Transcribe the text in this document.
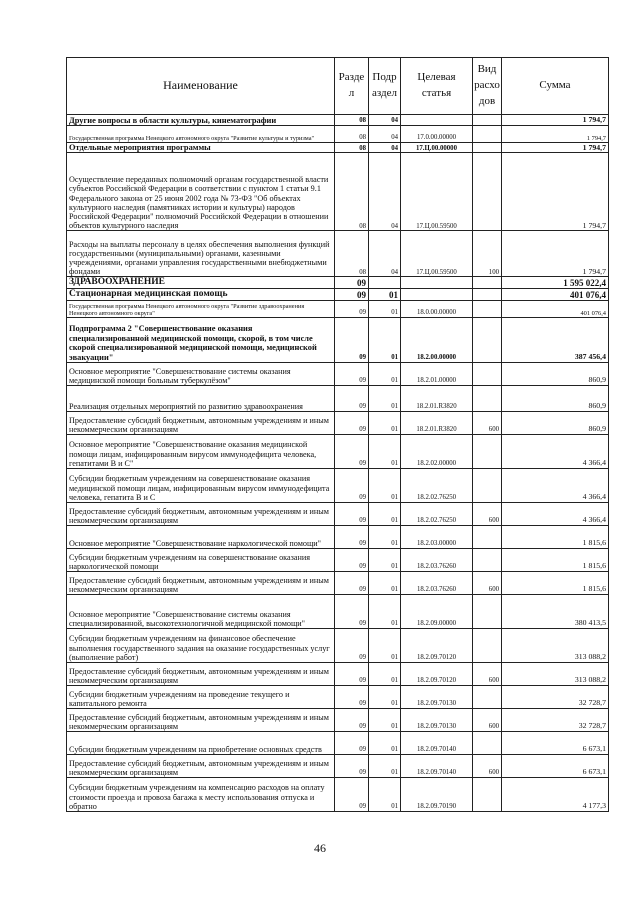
Наименование	Разде л	Подр аздел	Целевая статья	Вид расхо дов	Сумма
Другие вопросы в области культуры, кинематографии	08	04			1 794,7
Государственная программа Ненецкого автономного округа "Развитие культуры и туризма"	08	04	17.0.00.00000		1 794,7
Отдельные мероприятия программы	08	04	17.Ц.00.00000		1 794,7
Осуществление переданных полномочий органам государственной власти субъектов Российской Федерации в соответствии с пунктом 1 статьи 9.1 Федерального закона от 25 июня 2002 года № 73-ФЗ "Об объектах культурного наследия (памятниках истории и культуры) народов Российской Федерации" полномочий Российской Федерации в отношении объектов культурного наследия	08	04	17.Ц.00.59500		1 794,7
Расходы на выплаты персоналу в целях обеспечения выполнения функций государственными (муниципальными) органами, казенными учреждениями, органами управления государственными внебюджетными фондами	08	04	17.Ц.00.59500	100	1 794,7
ЗДРАВООХРАНЕНИЕ	09				1 595 022,4
Стационарная медицинская помощь	09	01			401 076,4
Государственная программа Ненецкого автономного округа "Развитие здравоохранения Ненецкого автономного округа"	09	01	18.0.00.00000		401 076,4
Подпрограмма 2 "Совершенствование оказания специализированной медицинской помощи, скорой, в том числе скорой специализированной медицинской помощи, медицинской эвакуации"	09	01	18.2.00.00000		387 456,4
Основное мероприятие "Совершенствование системы оказания медицинской помощи больным туберкулёзом"	09	01	18.2.01.00000		860,9
Реализация отдельных мероприятий по развитию здравоохранения	09	01	18.2.01.R3820		860,9
Предоставление субсидий бюджетным, автономным учреждениям и иным некоммерческим организациям	09	01	18.2.01.R3820	600	860,9
Основное мероприятие "Совершенствование оказания медицинской помощи лицам, инфицированным вирусом иммунодефицита человека, гепатитами В и С"	09	01	18.2.02.00000		4 366,4
Субсидии бюджетным учреждениям на совершенствование оказания медицинской помощи лицам, инфицированным вирусом иммунодефицита человека, гепатита В и С	09	01	18.2.02.76250		4 366,4
Предоставление субсидий бюджетным, автономным учреждениям и иным некоммерческим организациям	09	01	18.2.02.76250	600	4 366,4
Основное мероприятие "Совершенствование наркологической помощи"	09	01	18.2.03.00000		1 815,6
Субсидии бюджетным учреждениям на совершенствование оказания наркологической помощи	09	01	18.2.03.76260		1 815,6
Предоставление субсидий бюджетным, автономным учреждениям и иным некоммерческим организациям	09	01	18.2.03.76260	600	1 815,6
Основное мероприятие "Совершенствование системы оказания специализированной, высокотехнологичной медицинской помощи"	09	01	18.2.09.00000		380 413,5
Субсидии бюджетным учреждениям на финансовое обеспечение выполнения государственного задания на оказание государственных услуг (выполнение работ)	09	01	18.2.09.70120		313 088,2
Предоставление субсидий бюджетным, автономным учреждениям и иным некоммерческим организациям	09	01	18.2.09.70120	600	313 088,2
Субсидии бюджетным учреждениям на проведение текущего и капитального ремонта	09	01	18.2.09.70130		32 728,7
Предоставление субсидий бюджетным, автономным учреждениям и иным некоммерческим организациям	09	01	18.2.09.70130	600	32 728,7
Субсидии бюджетным учреждениям на приобретение основных средств	09	01	18.2.09.70140		6 673,1
Предоставление субсидий бюджетным, автономным учреждениям и иным некоммерческим организациям	09	01	18.2.09.70140	600	6 673,1
Субсидии бюджетным учреждениям на компенсацию расходов на оплату стоимости проезда и провоза багажа к месту использования отпуска и обратно	09	01	18.2.09.70190		4 177,3
46
